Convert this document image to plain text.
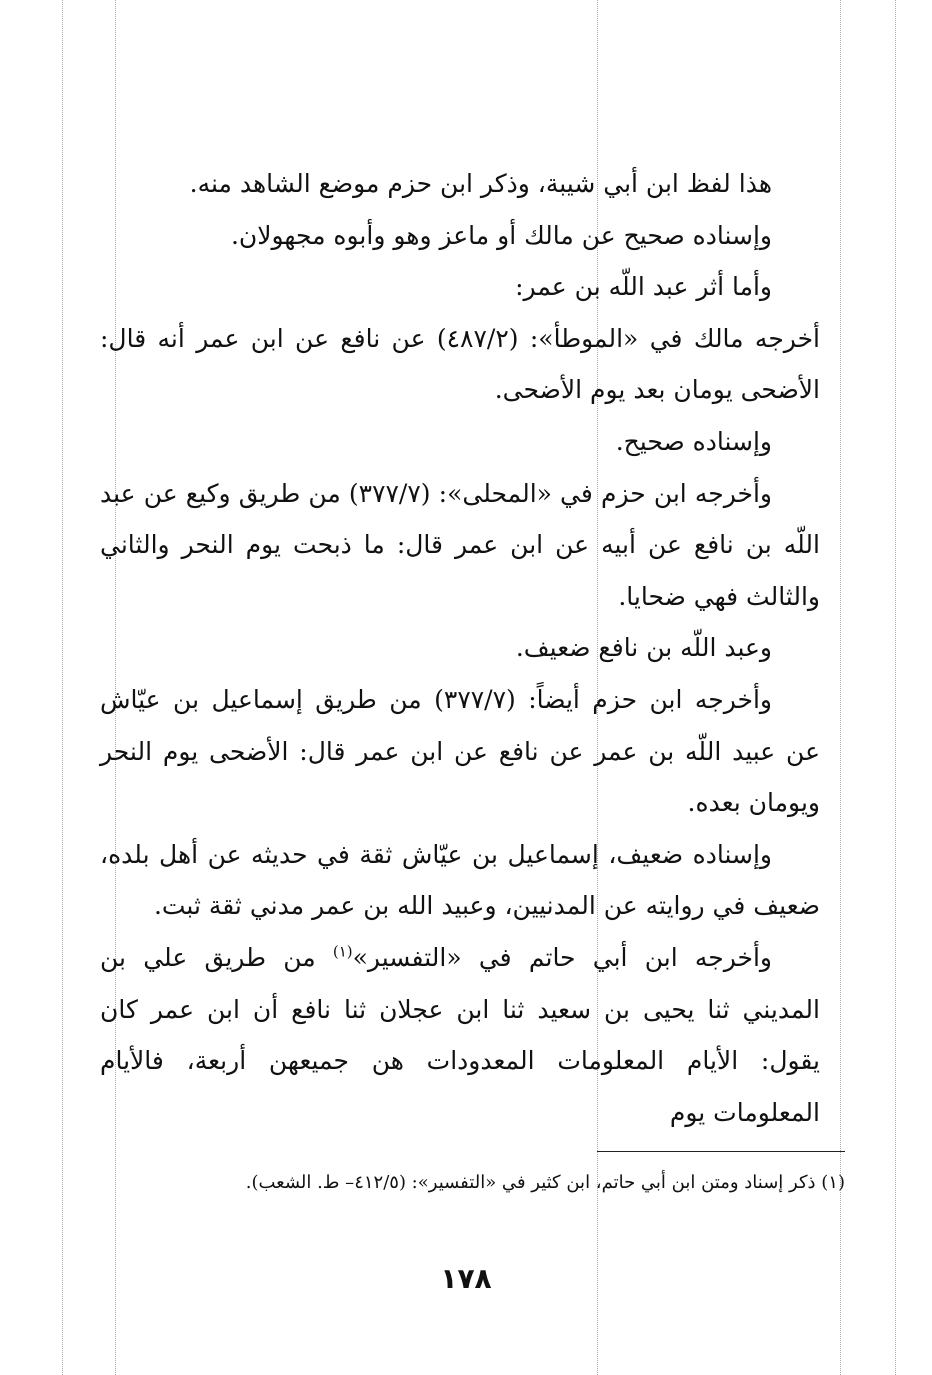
هذا لفظ ابن أبي شيبة، وذكر ابن حزم موضع الشاهد منه.

وإسناده صحيح عن مالك أو ماعز وهو وأبوه مجهولان.

وأما أثر عبد اللّه بن عمر:

أخرجه مالك في «الموطأ»: (٤٨٧/٢) عن نافع عن ابن عمر أنه قال: الأضحى يومان بعد يوم الأضحى.

وإسناده صحيح.

وأخرجه ابن حزم في «المحلى»: (٣٧٧/٧) من طريق وكيع عن عبد اللّه بن نافع عن أبيه عن ابن عمر قال: ما ذبحت يوم النحر والثاني والثالث فهي ضحايا.

وعبد اللّه بن نافع ضعيف.

وأخرجه ابن حزم أيضاً: (٣٧٧/٧) من طريق إسماعيل بن عيّاش عن عبيد اللّه بن عمر عن نافع عن ابن عمر قال: الأضحى يوم النحر ويومان بعده.

وإسناده ضعيف، إسماعيل بن عيّاش ثقة في حديثه عن أهل بلده، ضعيف في روايته عن المدنيين، وعبيد الله بن عمر مدني ثقة ثبت.

وأخرجه ابن أبي حاتم في «التفسير»$^{(١)}$ من طريق علي بن المديني ثنا يحيى بن سعيد ثنا ابن عجلان ثنا نافع أن ابن عمر كان يقول: الأيام المعلومات المعدودات هن جميعهن أربعة، فالأيام المعلومات يوم

(١) ذكر إسناد ومتن ابن أبي حاتم، ابن كثير في «التفسير»: (٤١٢/٥– ط. الشعب).
١٧٨
